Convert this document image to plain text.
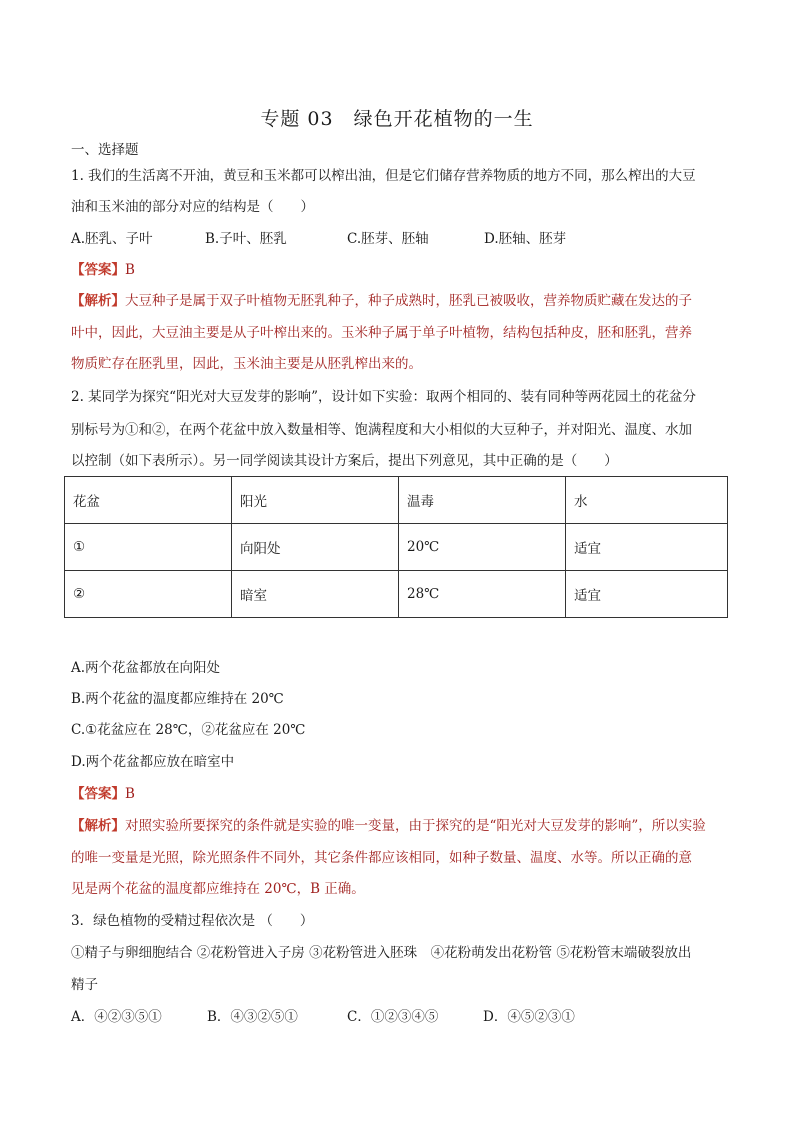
专题 03　绿色开花植物的一生
一、选择题
1. 我们的生活离不开油，黄豆和玉米都可以榨出油，但是它们储存营养物质的地方不同，那么榨出的大豆
油和玉米油的部分对应的结构是（　　）
A.胚乳、子叶	B.子叶、胚乳	C.胚芽、胚轴	D.胚轴、胚芽
【答案】B
【解析】大豆种子是属于双子叶植物无胚乳种子，种子成熟时，胚乳已被吸收，营养物质贮藏在发达的子
叶中，因此，大豆油主要是从子叶榨出来的。玉米种子属于单子叶植物，结构包括种皮，胚和胚乳，营养
物质贮存在胚乳里，因此，玉米油主要是从胚乳榨出来的。
2. 某同学为探究“阳光对大豆发芽的影响”，设计如下实验：取两个相同的、装有同种等两花园土的花盆分
别标号为①和②，在两个花盆中放入数量相等、饱满程度和大小相似的大豆种子，并对阳光、温度、水加
以控制（如下表所示）。另一同学阅读其设计方案后，提出下列意见，其中正确的是（　　）
花盆	阳光	温毒	水
①	向阳处	20℃	适宜
②	暗室	28℃	适宜
A.两个花盆都放在向阳处
B.两个花盆的温度都应维持在 20℃
C.①花盆应在 28℃，②花盆应在 20℃
D.两个花盆都应放在暗室中
【答案】B
【解析】对照实验所要探究的条件就是实验的唯一变量，由于探究的是“阳光对大豆发芽的影响”，所以实验
的唯一变量是光照，除光照条件不同外，其它条件都应该相同，如种子数量、温度、水等。所以正确的意
见是两个花盆的温度都应维持在 20℃，B 正确。
3．绿色植物的受精过程依次是 （　　）
①精子与卵细胞结合 ②花粉管进入子房 ③花粉管进入胚珠　④花粉萌发出花粉管 ⑤花粉管末端破裂放出
精子
A．④②③⑤①	B．④③②⑤①	C．①②③④⑤	D．④⑤②③①
